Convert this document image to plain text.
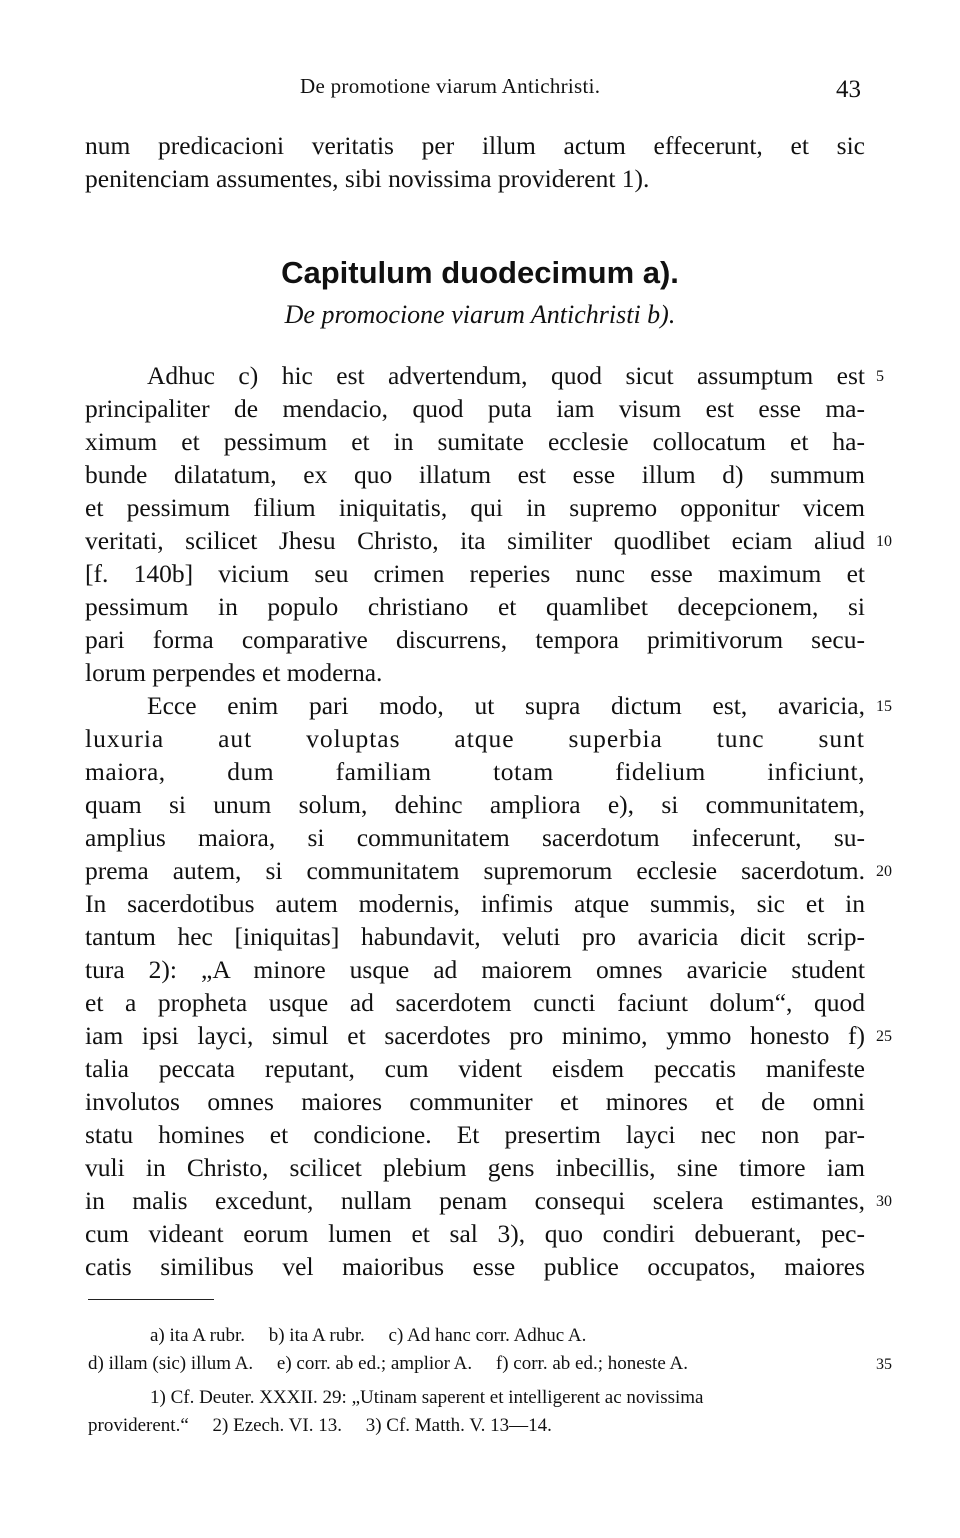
De promotione viarum Antichristi.	43
num predicacioni veritatis per illum actum effecerunt, et sic
penitenciam assumentes, sibi novissima providerent 1).
Capitulum duodecimum a).
De promocione viarum Antichristi b).
Adhuc c) hic est advertendum, quod sicut assumptum est
principaliter de mendacio, quod puta iam visum est esse ma-
ximum et pessimum et in sumitate ecclesie collocatum et ha-
bunde dilatatum, ex quo illatum est esse illum d) summum
et pessimum filium iniquitatis, qui in supremo opponitur vicem
veritati, scilicet Jhesu Christo, ita similiter quodlibet eciam aliud
[f. 140b] vicium seu crimen reperies nunc esse maximum et
pessimum in populo christiano et quamlibet decepcionem, si
pari forma comparative discurrens, tempora primitivorum secu-
lorum perpendes et moderna.
Ecce enim pari modo, ut supra dictum est, avaricia,
luxuria aut voluptas atque superbia tunc sunt
maiora, dum familiam totam fidelium inficiunt,
quam si unum solum, dehinc ampliora e), si communitatem,
amplius maiora, si communitatem sacerdotum infecerunt, su-
prema autem, si communitatem supremorum ecclesie sacerdotum.
In sacerdotibus autem modernis, infimis atque summis, sic et in
tantum hec [iniquitas] habundavit, veluti pro avaricia dicit scrip-
tura 2): „A minore usque ad maiorem omnes avaricie student
et a propheta usque ad sacerdotem cuncti faciunt dolum“, quod
iam ipsi layci, simul et sacerdotes pro minimo, ymmo honesto f)
talia peccata reputant, cum vident eisdem peccatis manifeste
involutos omnes maiores communiter et minores et de omni
statu homines et condicione. Et presertim layci nec non par-
vuli in Christo, scilicet plebium gens inbecillis, sine timore iam
in malis excedunt, nullam penam consequi scelera estimantes,
cum videant eorum lumen et sal 3), quo condiri debuerant, pec-
catis similibus vel maioribus esse publice occupatos, maiores
5
10
15
20
25
30
35
a) ita A rubr.     b) ita A rubr.     c) Ad hanc corr. Adhuc A.
d) illam (sic) illum A.     e) corr. ab ed.; amplior A.     f) corr. ab ed.; honeste A.
1) Cf. Deuter. XXXII. 29: „Utinam saperent et intelligerent ac novissima
providerent.“     2) Ezech. VI. 13.     3) Cf. Matth. V. 13—14.
